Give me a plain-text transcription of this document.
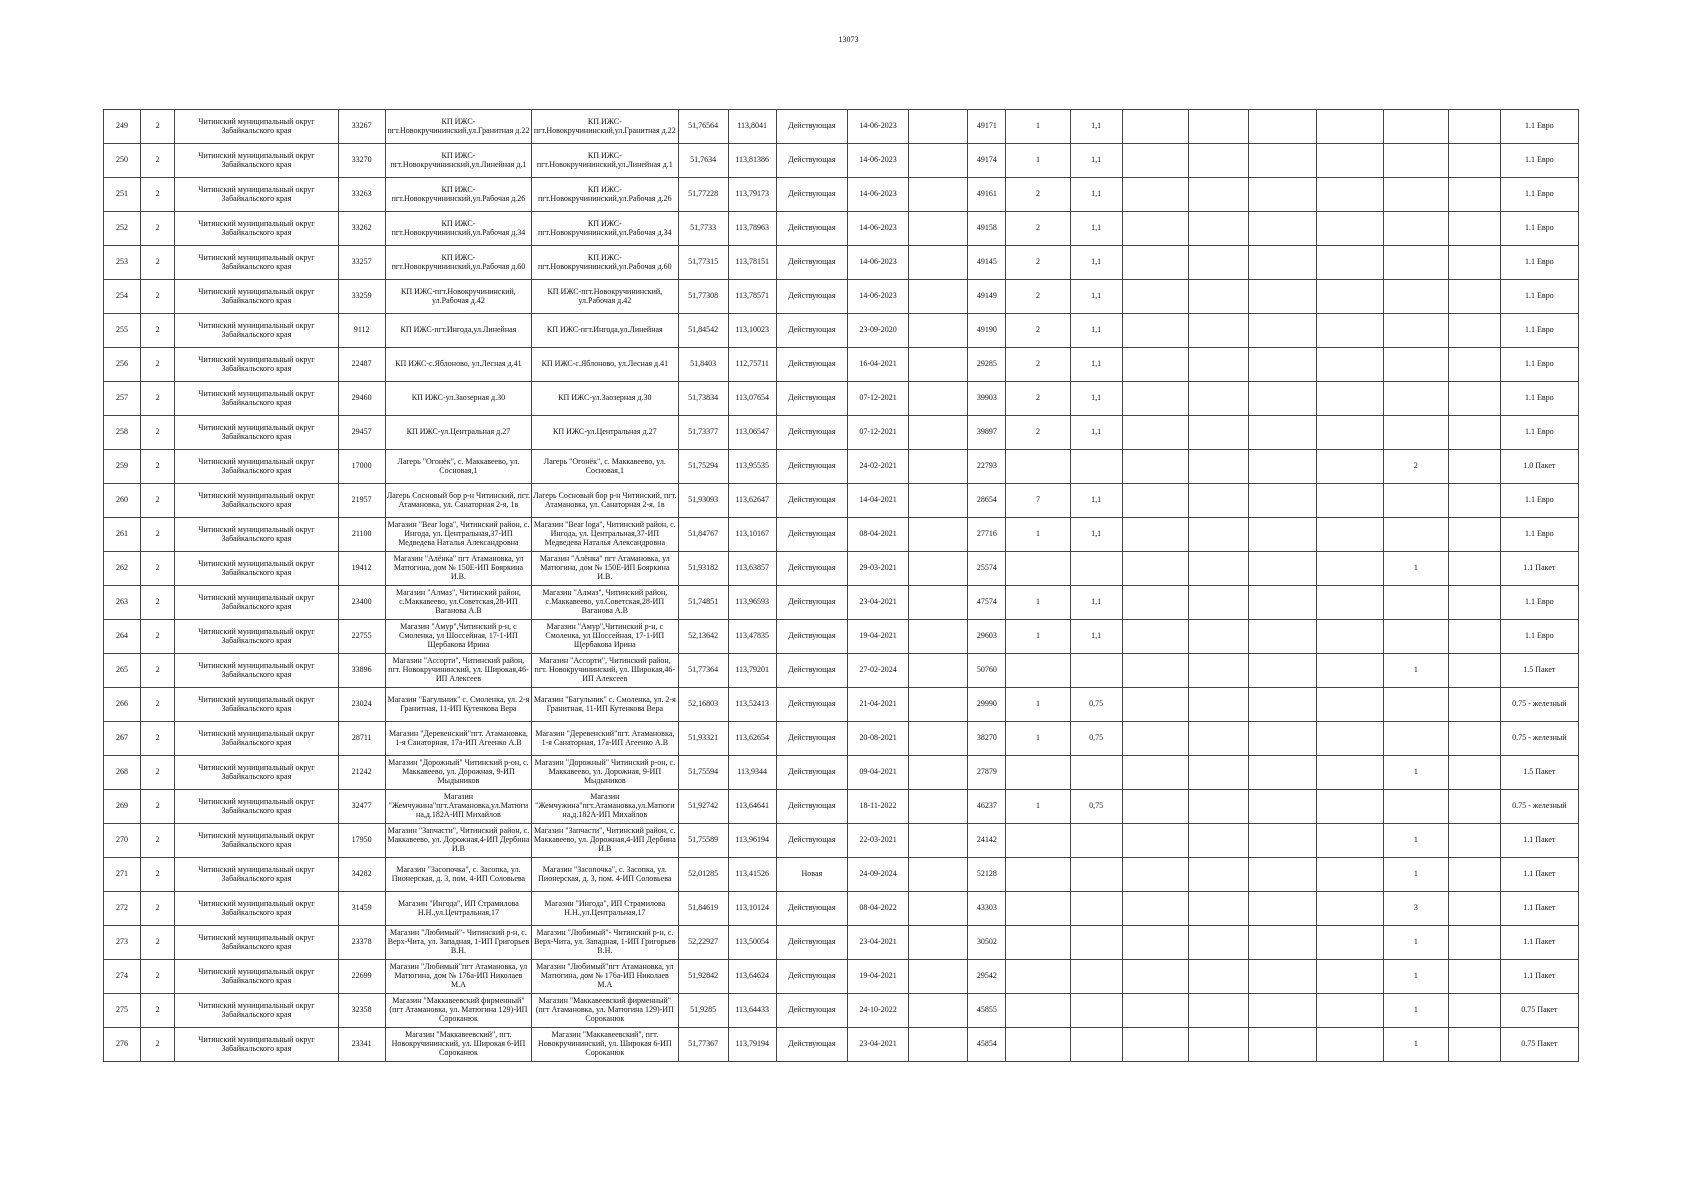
13073
249	2	Читинский муниципальный округ Забайкальского края	33267	КП ИЖС-пгт.Новокручининский,ул.Гранитная д.22	КП ИЖС-пгт.Новокручининский,ул.Гранитная д.22	51,76564	113,8041	Действующая	14-06-2023		49171	1	1,1							1.1 Евро
250	2	Читинский муниципальный округ Забайкальского края	33270	КП ИЖС-пгт.Новокручининский,ул.Линейная д.1	КП ИЖС-пгт.Новокручининский,ул.Линейная д.1	51,7634	113,81386	Действующая	14-06-2023		49174	1	1,1							1.1 Евро
251	2	Читинский муниципальный округ Забайкальского края	33263	КП ИЖС-пгт.Новокручининский,ул.Рабочая д.26	КП ИЖС-пгт.Новокручининский,ул.Рабочая д.26	51,77228	113,79173	Действующая	14-06-2023		49161	2	1,1							1.1 Евро
252	2	Читинский муниципальный округ Забайкальского края	33262	КП ИЖС-пгт.Новокручининский,ул.Рабочая д.34	КП ИЖС-пгт.Новокручининский,ул.Рабочая д.34	51,7733	113,78963	Действующая	14-06-2023		49158	2	1,1							1.1 Евро
253	2	Читинский муниципальный округ Забайкальского края	33257	КП ИЖС-пгт.Новокручининский,ул.Рабочая д.60	КП ИЖС-пгт.Новокручининский,ул.Рабочая д.60	51,77315	113,78151	Действующая	14-06-2023		49145	2	1,1							1.1 Евро
254	2	Читинский муниципальный округ Забайкальского края	33259	КП ИЖС-пгт.Новокручининский, ул.Рабочая д.42	КП ИЖС-пгт.Новокручининский, ул.Рабочая д.42	51,77308	113,78571	Действующая	14-06-2023		49149	2	1,1							1.1 Евро
255	2	Читинский муниципальный округ Забайкальского края	9112	КП ИЖС-пгт.Ингода,ул.Линейная	КП ИЖС-пгт.Ингода,ул.Линейная	51,84542	113,10023	Действующая	23-09-2020		49190	2	1,1							1.1 Евро
256	2	Читинский муниципальный округ Забайкальского края	22487	КП ИЖС-с.Яблоново, ул.Лесная д.41	КП ИЖС-с.Яблоново, ул.Лесная д.41	51,8403	112,75711	Действующая	16-04-2021		29285	2	1,1							1.1 Евро
257	2	Читинский муниципальный округ Забайкальского края	29460	КП ИЖС-ул.Заозерная д.30	КП ИЖС-ул.Заозерная д.30	51,73834	113,07654	Действующая	07-12-2021		39903	2	1,1							1.1 Евро
258	2	Читинский муниципальный округ Забайкальского края	29457	КП ИЖС-ул.Центральная д.27	КП ИЖС-ул.Центральная д.27	51,73377	113,06547	Действующая	07-12-2021		39897	2	1,1							1.1 Евро
259	2	Читинский муниципальный округ Забайкальского края	17000	Лагерь "Огонёк", с. Маккавеево, ул. Сосновая,1	Лагерь "Огонёк", с. Маккавеево, ул. Сосновая,1	51,75294	113,95535	Действующая	24-02-2021		22793							2		1.0 Пакет
260	2	Читинский муниципальный округ Забайкальского края	21957	Лагерь Сосновый бор р-н Читинский, пгт. Атамановка, ул. Санаторная 2-я, 1в	Лагерь Сосновый бор р-н Читинский, пгт. Атамановка, ул. Санаторная 2-я, 1в	51,93093	113,62647	Действующая	14-04-2021		28654	7	1,1							1.1 Евро
261	2	Читинский муниципальный округ Забайкальского края	21100	Магазин "Bear loga", Читинский район, с. Ингода, ул. Центральная,37-ИП Медведева Наталья Александровна	Магазин "Bear loga", Читинский район, с. Ингода, ул. Центральная,37-ИП Медведева Наталья Александровна	51,84767	113,10167	Действующая	08-04-2021		27716	1	1,1							1.1 Евро
262	2	Читинский муниципальный округ Забайкальского края	19412	Магазин "Алёнка" пгт Атамановка, ул Матюгина, дом № 150Е-ИП Бояркина И.В.	Магазин "Алёнка" пгт Атамановка, ул Матюгина, дом № 150Е-ИП Бояркина И.В.	51,93182	113,63857	Действующая	29-03-2021		25574							1		1.1 Пакет
263	2	Читинский муниципальный округ Забайкальского края	23400	Магазин "Алмаз", Читинский район, с.Маккавеево, ул.Советская,28-ИП Ваганова А.В	Магазин "Алмаз", Читинский район, с.Маккавеево, ул.Советская,28-ИП Ваганова А.В	51,74851	113,96593	Действующая	23-04-2021		47574	1	1,1							1.1 Евро
264	2	Читинский муниципальный округ Забайкальского края	22755	Магазин "Амур",Читинский р-н, с Смоленка, ул Шоссейная, 17-1-ИП Щербакова Ирина	Магазин "Амур",Читинский р-н, с Смоленка, ул Шоссейная, 17-1-ИП Щербакова Ирина	52,13642	113,47835	Действующая	19-04-2021		29603	1	1,1							1.1 Евро
265	2	Читинский муниципальный округ Забайкальского края	33896	Магазин "Ассорти", Читинский район, пгт. Новокручининский, ул. Широкая,46-ИП Алексеев	Магазин "Ассорти", Читинский район, пгт. Новокручининский, ул. Широкая,46-ИП Алексеев	51,77364	113,79201	Действующая	27-02-2024		50760							1		1.5 Пакет
266	2	Читинский муниципальный округ Забайкальского края	23024	Магазин "Багульник" с. Смоленка, ул. 2-я Гранитная, 11-ИП Кутенкова Вера	Магазин "Багульник" с. Смоленка, ул. 2-я Гранитная, 11-ИП Кутенкова Вера	52,16803	113,52413	Действующая	21-04-2021		29990	1	0,75							0.75 - железный
267	2	Читинский муниципальный округ Забайкальского края	28711	Магазин "Деревенский"пгт. Атамановка, 1-я Санаторная, 17а-ИП Агеенко А.В	Магазин "Деревенский"пгт. Атамановка, 1-я Санаторная, 17а-ИП Агеенко А.В	51,93321	113,62654	Действующая	20-08-2021		38270	1	0,75							0.75 - железный
268	2	Читинский муниципальный округ Забайкальского края	21242	Магазин "Дорожный" Читинский р-он, с. Маккавеево, ул. Дорожная, 9-ИП Мыдыников	Магазин "Дорожный" Читинский р-он, с. Маккавеево, ул. Дорожная, 9-ИП Мыдыников	51,75594	113,9344	Действующая	09-04-2021		27879							1		1.5 Пакет
269	2	Читинский муниципальный округ Забайкальского края	32477	Магазин "Жемчужина"пгт.Атамановка,ул.Матюгина,д.182А-ИП Михайлов	Магазин "Жемчужина"пгт.Атамановка,ул.Матюгина,д.182А-ИП Михайлов	51,92742	113,64641	Действующая	18-11-2022		46237	1	0,75							0.75 - железный
270	2	Читинский муниципальный округ Забайкальского края	17950	Магазин "Запчасти", Читинский район, с. Маккавеево, ул. Дорожная,4-ИП Дербина И.В	Магазин "Запчасти", Читинский район, с. Маккавеево, ул. Дорожная,4-ИП Дербина И.В	51,75589	113,96194	Действующая	22-03-2021		24142							1		1.1 Пакет
271	2	Читинский муниципальный округ Забайкальского края	34282	Магазин "Засопочка", с. Засопка, ул. Пионерская, д. 3, пом. 4-ИП Соловьева	Магазин "Засопочка", с. Засопка, ул. Пионерская, д. 3, пом. 4-ИП Соловьева	52,01285	113,41526	Новая	24-09-2024		52128							1		1.1 Пакет
272	2	Читинский муниципальный округ Забайкальского края	31459	Магазин "Ингода", ИП Страмилова Н.Н.,ул.Центральная,17	Магазин "Ингода", ИП Страмилова Н.Н.,ул.Центральная,17	51,84619	113,10124	Действующая	08-04-2022		43303							3		1.1 Пакет
273	2	Читинский муниципальный округ Забайкальского края	23378	Магазин "Любимый"- Читинский р-н, с. Верх-Чита, ул. Западная, 1-ИП Григорьев В.Н.	Магазин "Любимый"- Читинский р-н, с. Верх-Чита, ул. Западная, 1-ИП Григорьев В.Н.	52,22927	113,50054	Действующая	23-04-2021		30502							1		1.1 Пакет
274	2	Читинский муниципальный округ Забайкальского края	22699	Магазин "Любимый"пгт Атамановка, ул Матюгина, дом № 176а-ИП Николаев М.А	Магазин "Любимый"пгт Атамановка, ул Матюгина, дом № 176а-ИП Николаев М.А	51,92842	113,64624	Действующая	19-04-2021		29542							1		1.1 Пакет
275	2	Читинский муниципальный округ Забайкальского края	32358	Магазин "Маккавеевский фирменный" (пгт Атамановка, ул. Матюгина 129)-ИП Сороканюк	Магазин "Маккавеевский фирменный" (пгт Атамановка, ул. Матюгина 129)-ИП Сороканюк	51,9285	113,64433	Действующая	24-10-2022		45855							1		0.75 Пакет
276	2	Читинский муниципальный округ Забайкальского края	23341	Магазин "Маккавеевский", пгт. Новокручининский, ул. Широкая 6-ИП Сороканюк	Магазин "Маккавеевский", пгт. Новокручининский, ул. Широкая 6-ИП Сороканюк	51,77367	113,79194	Действующая	23-04-2021		45854							1		0.75 Пакет
